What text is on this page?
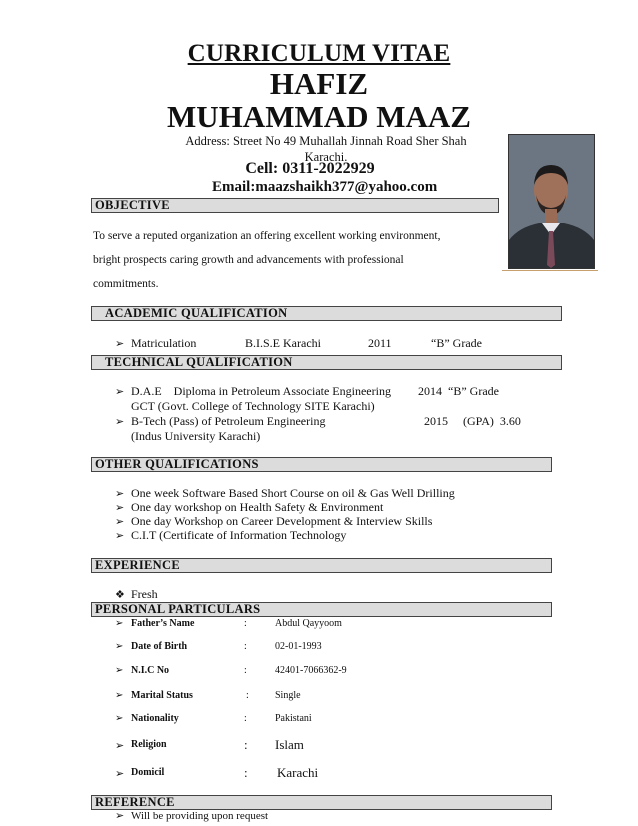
CURRICULUM VITAE
HAFIZ
MUHAMMAD MAAZ
Address: Street No 49 Muhallah Jinnah Road Sher Shah Karachi.
Cell: 0311-2022929
Email:maazshaikh377@yahoo.com
OBJECTIVE
To serve a reputed organization an offering excellent working environment,
bright prospects caring growth and advancements with professional
commitments.
ACADEMIC QUALIFICATION
➢ Matriculation	B.I.S.E Karachi	2011	“B” Grade
TECHNICAL QUALIFICATION
➢ D.A.E    Diploma in Petroleum Associate Engineering 2014  “B” Grade
GCT (Govt. College of Technology SITE Karachi)
➢ B-Tech (Pass) of Petroleum Engineering	2015     (GPA)  3.60
(Indus University Karachi)
OTHER QUALIFICATIONS
➢ One week Software Based Short Course on oil & Gas Well Drilling
➢ One day workshop on Health Safety & Environment
➢ One day Workshop on Career Development & Interview Skills
➢ C.I.T (Certificate of Information Technology
EXPERIENCE
❖ Fresh
PERSONAL PARTICULARS
➢ Father’s Name	:	Abdul Qayyoom
➢ Date of Birth	:	02-01-1993
➢ N.I.C No	:	42401-7066362-9
➢ Marital Status	:	Single
➢ Nationality	:	Pakistani
➢ Religion	: Islam
➢ Domicil	: Karachi
REFERENCE
➢ Will be providing upon request
